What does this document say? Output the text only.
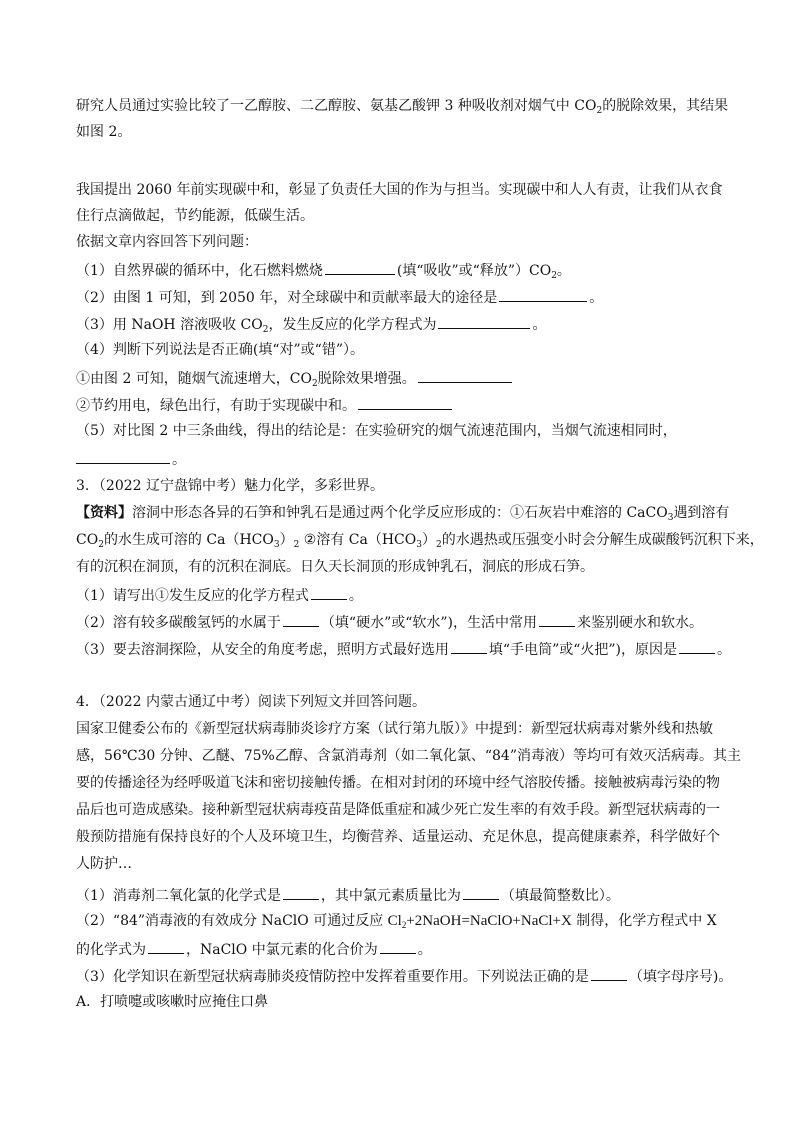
研究人员通过实验比较了一乙醇胺、二乙醇胺、氨基乙酸钾 3 种吸收剂对烟气中 $CO_2$的脱除效果，其结果
如图 2。
我国提出 2060 年前实现碳中和，彰显了负责任大国的作为与担当。实现碳中和人人有责，让我们从衣食
住行点滴做起，节约能源，低碳生活。
依据文章内容回答下列问题：
（1）自然界碳的循环中，化石燃料燃烧	(填“吸收”或“释放$”)CO_2$。
（2）由图 1 可知，到 2050 年，对全球碳中和贡献率最大的途径是	。
（3）用 NaOH 溶液吸收 $CO_2$，发生反应的化学方程式为	。
（4）判断下列说法是否正确(填“对”或“错”）。
①由图 2 可知，随烟气流速增大，$CO_2$脱除效果增强。
②节约用电，绿色出行，有助于实现碳中和。
（5）对比图 2 中三条曲线，得出的结论是：在实验研究的烟气流速范围内，当烟气流速相同时，
。
3．（2022 辽宁盘锦中考）魅力化学，多彩世界。
【资料】溶洞中形态各异的石笋和钟乳石是通过两个化学反应形成的：①石灰岩中难溶的 CaCO$_3$遇到溶有
$CO_2$的水生成可溶的 $Ca(HCO_3)_2$ ②溶有 $Ca(HCO_3)_2$的水遇热或压强变小时会分解生成碳酸钙沉积下来，
有的沉积在洞顶，有的沉积在洞底。日久天长洞顶的形成钟乳石，洞底的形成石笋。
（1）请写出①发生反应的化学方程式	。
（2）溶有较多碳酸氢钙的水属于	（填“硬水”或“软水”)，生活中常用	来鉴别硬水和软水。
（3）要去溶洞探险，从安全的角度考虑，照明方式最好选用	填“手电筒”或“火把”)，原因是	。
4．（2022 内蒙古通辽中考）阅读下列短文并回答问题。
国家卫健委公布的《新型冠状病毒肺炎诊疗方案（试行第九版）》中提到：新型冠状病毒对紫外线和热敏
感，56℃30 分钟、乙醚、75%乙醇、含氯消毒剂（如二氧化氯、“84”消毒液）等均可有效灭活病毒。其主
要的传播途径为经呼吸道飞沫和密切接触传播。在相对封闭的环境中经气溶胶传播。接触被病毒污染的物
品后也可造成感染。接种新型冠状病毒疫苗是降低重症和减少死亡发生率的有效手段。新型冠状病毒的一
般预防措施有保持良好的个人及环境卫生，均衡营养、适量运动、充足休息，提高健康素养，科学做好个
人防护…
（1）消毒剂二氧化氯的化学式是	，其中氯元素质量比为	（填最简整数比）。
（2）“84”消毒液的有效成分 NaClO 可通过反应 $Cl_2+2NaOH=NaClO+NaCl+X$ 制得，化学方程式中 X
的化学式为	，NaClO 中氯元素的化合价为	。
（3）化学知识在新型冠状病毒肺炎疫情防控中发挥着重要作用。下列说法正确的是	（填字母序号)。
A．打喷嚏或咳嗽时应掩住口鼻
